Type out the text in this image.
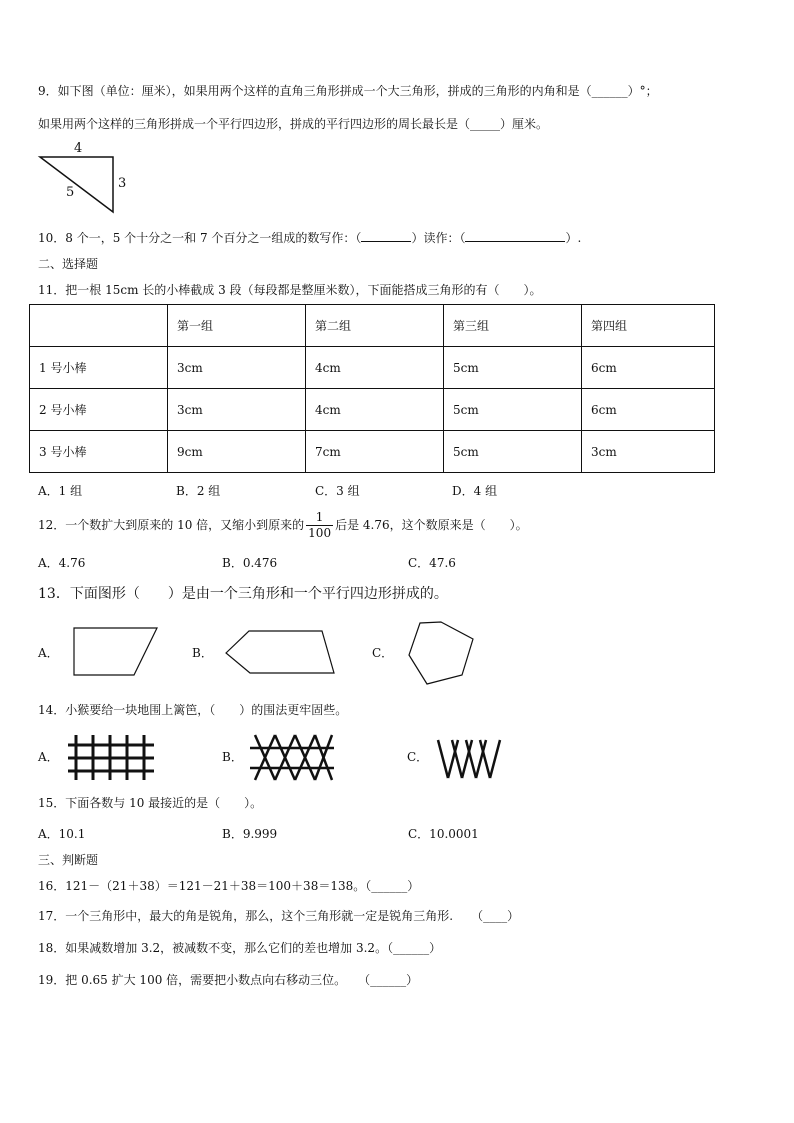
9．如下图（单位：厘米），如果用两个这样的直角三角形拼成一个大三角形，拼成的三角形的内角和是（______）°；
如果用两个这样的三角形拼成一个平行四边形，拼成的平行四边形的周长最长是（_____）厘米。
4
3
5
10．8 个一，5 个十分之一和 7 个百分之一组成的数写作：（	）读作：（	）.
二、选择题
11．把一根 15cm 长的小棒截成 3 段（每段都是整厘米数），下面能搭成三角形的有（　　）。
	第一组	第二组	第三组	第四组
1 号小棒	3cm	4cm	5cm	6cm
2 号小棒	3cm	4cm	5cm	6cm
3 号小棒	9cm	7cm	5cm	3cm
A．1 组	B．2 组	C．3 组	D．4 组
12．一个数扩大到原来的 10 倍，又缩小到原来的 $\frac{1}{100}$ 后是 4.76，这个数原来是（　　）。
A．4.76	B．0.476	C．47.6
13．下面图形（　　）是由一个三角形和一个平行四边形拼成的。
A．	B．	C．
14．小猴要给一块地围上篱笆，（　　）的围法更牢固些。
A．	B．	C．
15．下面各数与 10 最接近的是（　　）。
A．10.1	B．9.999	C．10.0001
三、判断题
16．121－（21＋38）＝121－21＋38＝100＋38＝138。（______）
17．一个三角形中，最大的角是锐角，那么，这个三角形就一定是锐角三角形.　　（____）
18．如果减数增加 3.2，被减数不变，那么它们的差也增加 3.2。（______）
19．把 0.65 扩大 100 倍，需要把小数点向右移动三位。　　（______）
